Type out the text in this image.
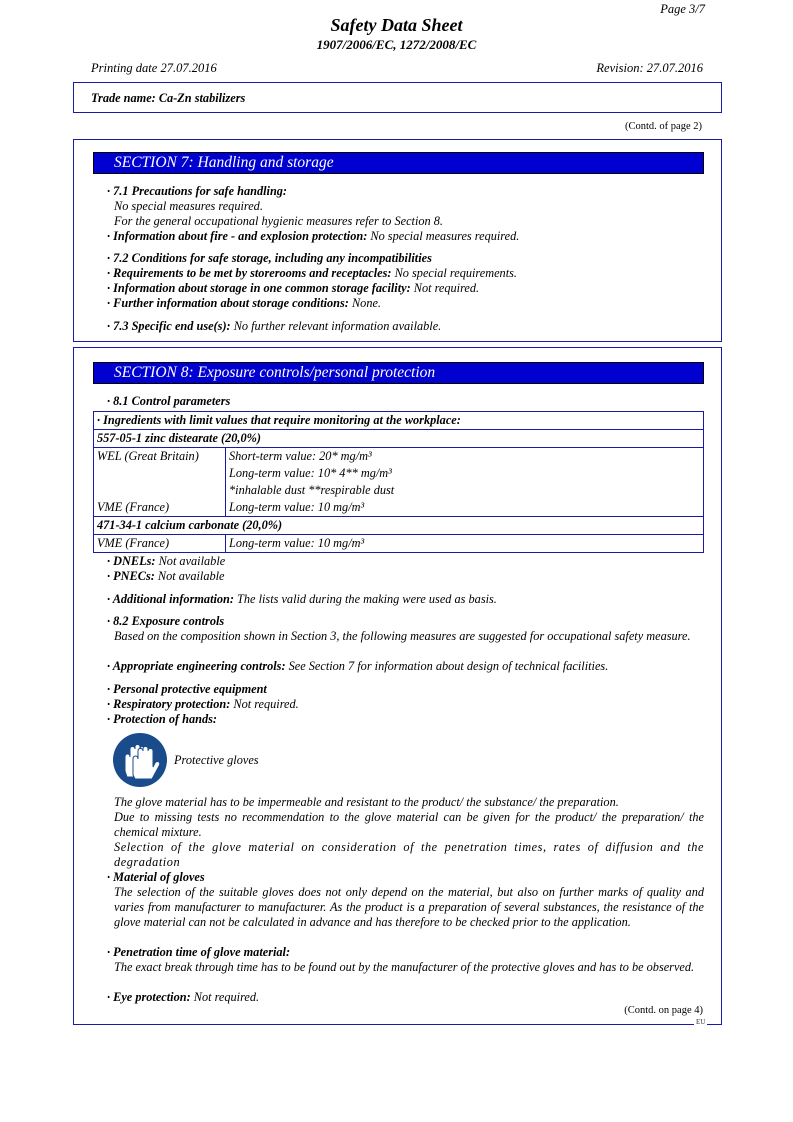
Page 3/7
Safety Data Sheet
1907/2006/EC, 1272/2008/EC
Printing date 27.07.2016	Revision: 27.07.2016
Trade name: Ca-Zn stabilizers
(Contd. of page 2)
SECTION 7: Handling and storage
· 7.1 Precautions for safe handling:
No special measures required.
For the general occupational hygienic measures refer to Section 8.
· Information about fire - and explosion protection: No special measures required.
· 7.2 Conditions for safe storage, including any incompatibilities
· Requirements to be met by storerooms and receptacles: No special requirements.
· Information about storage in one common storage facility: Not required.
· Further information about storage conditions: None.
· 7.3 Specific end use(s): No further relevant information available.
SECTION 8: Exposure controls/personal protection
· 8.1 Control parameters
· Ingredients with limit values that require monitoring at the workplace:	
557-05-1 zinc distearate (20,0%)	
WEL (Great Britain)	Short-term value: 20* mg/m³
Long-term value: 10* 4** mg/m³
*inhalable dust **respirable dust

VME (France)	Long-term value: 10 mg/m³
471-34-1 calcium carbonate (20,0%)	
VME (France)	Long-term value: 10 mg/m³
· DNELs: Not available
· PNECs: Not available
· Additional information: The lists valid during the making were used as basis.
· 8.2 Exposure controls
Based on the composition shown in Section 3, the following measures are suggested for occupational safety measure.
· Appropriate engineering controls: See Section 7 for information about design of technical facilities.
· Personal protective equipment
· Respiratory protection: Not required.
· Protection of hands:
Protective gloves
The glove material has to be impermeable and resistant to the product/ the substance/ the preparation.
Due to missing tests no recommendation to the glove material can be given for the product/ the preparation/ the chemical mixture.
Selection of the glove material on consideration of the penetration times, rates of diffusion and the degradation
· Material of gloves
The selection of the suitable gloves does not only depend on the material, but also on further marks of quality and varies from manufacturer to manufacturer. As the product is a preparation of several substances, the resistance of the glove material can not be calculated in advance and has therefore to be checked prior to the application.
· Penetration time of glove material:
The exact break through time has to be found out by the manufacturer of the protective gloves and has to be observed.
· Eye protection: Not required.
(Contd. on page 4)
EU
